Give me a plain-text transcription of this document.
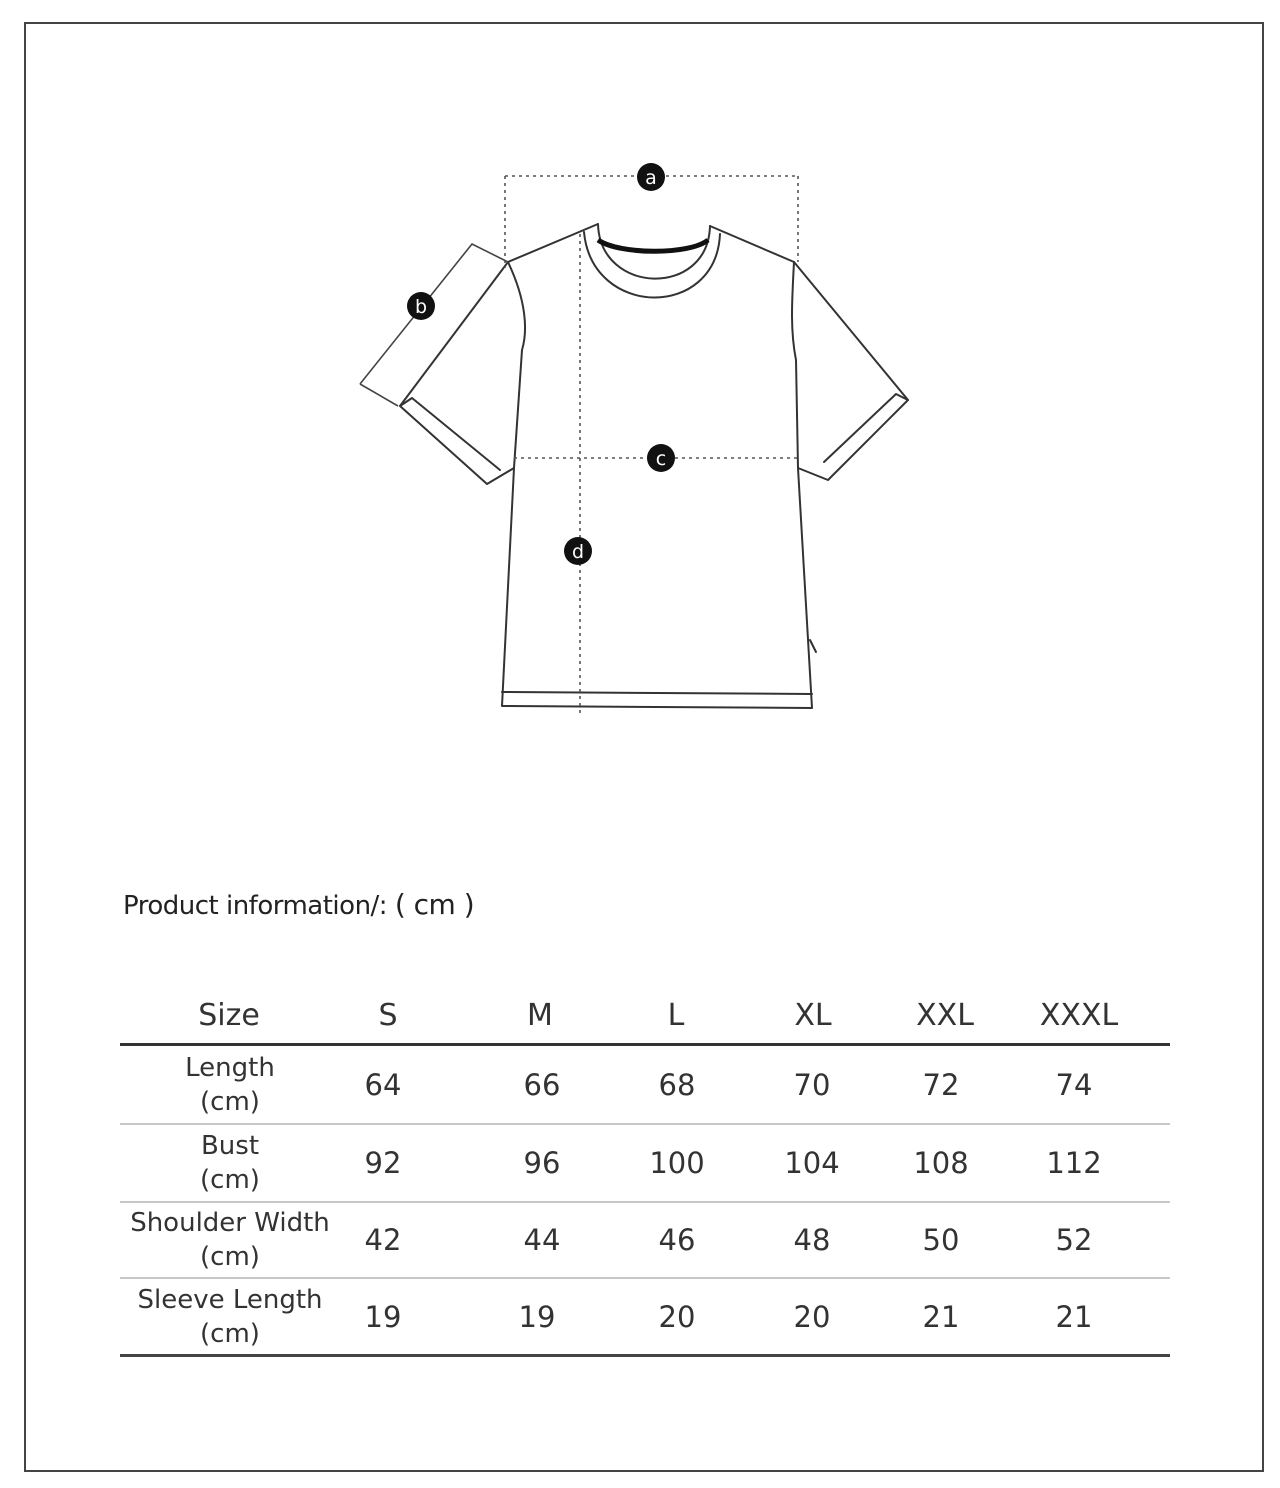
a
b
c
d
Product information/: ( cm )
Size	S	M	L	XL	XXL XXXL
Length
(cm)	64	66	68	70	72	74
Bust
(cm)	92	96	100	104	108	112
Shoulder Width
(cm)	42	44	46	48	50	52
Sleeve Length
(cm)	19	19	20	20	21	21
